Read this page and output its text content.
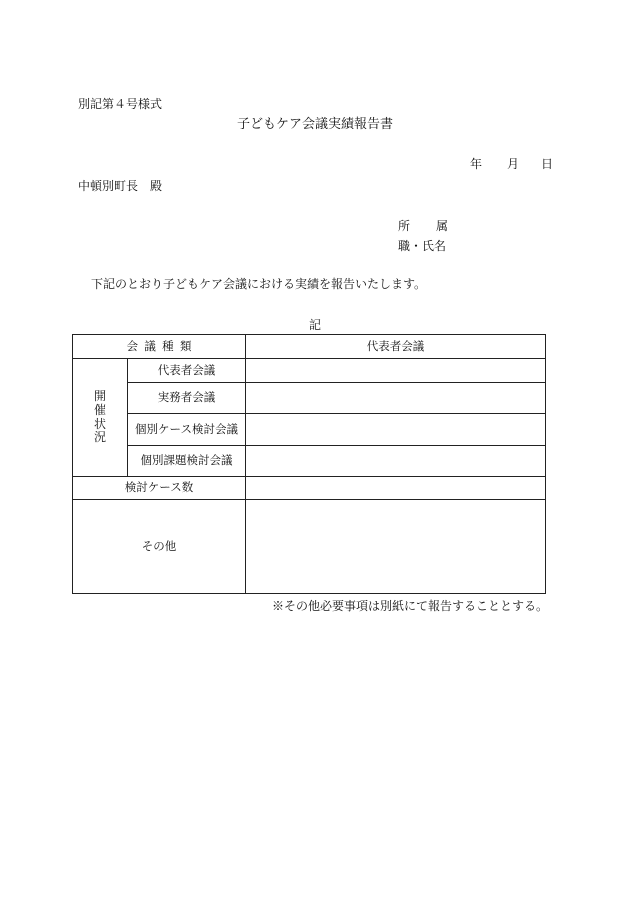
別記第４号様式
子どもケア会議実績報告書
年 月 日
中頓別町長　殿
所 属
職・氏名
下記のとおり子どもケア会議における実績を報告いたします。
記
会議種類		代表者会議
開催状況	代表者会議	
	実務者会議	
	個別ケース検討会議	
	個別課題検討会議	
検討ケース数		
その他		
※その他必要事項は別紙にて報告することとする。
